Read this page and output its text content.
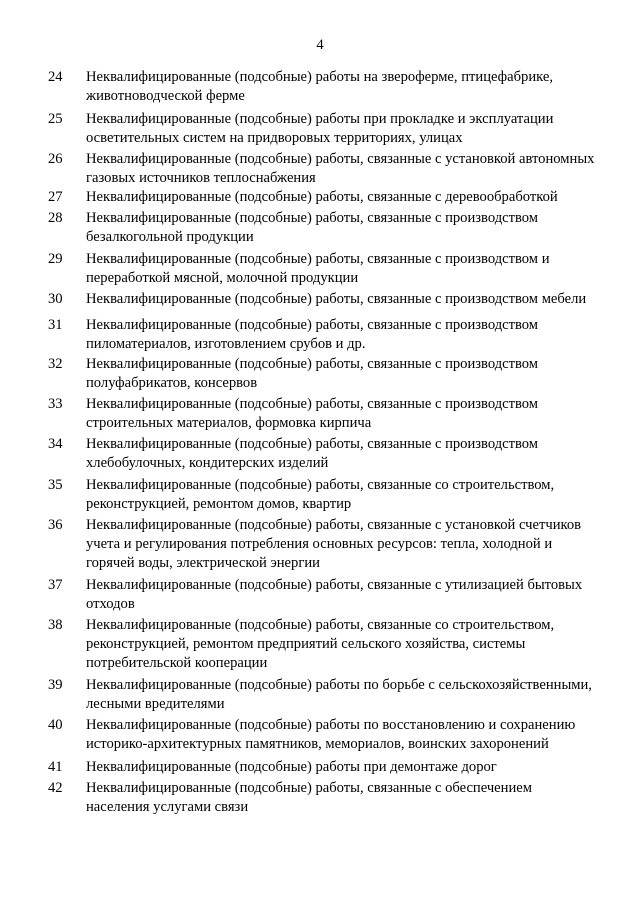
4
24 Неквалифицированные (подсобные) работы на звероферме, птицефабрике,
животноводческой ферме
25 Неквалифицированные (подсобные) работы при прокладке и эксплуатации
осветительных систем на придворовых территориях, улицах
26 Неквалифицированные (подсобные) работы, связанные с установкой автономных
газовых источников теплоснабжения
27 Неквалифицированные (подсобные) работы, связанные с деревообработкой
28 Неквалифицированные (подсобные) работы, связанные с производством
безалкогольной продукции
29 Неквалифицированные (подсобные) работы, связанные с производством и
переработкой мясной, молочной продукции
30 Неквалифицированные (подсобные) работы, связанные с производством мебели
31 Неквалифицированные (подсобные) работы, связанные с производством
пиломатериалов, изготовлением срубов и др.
32 Неквалифицированные (подсобные) работы, связанные с производством
полуфабрикатов, консервов
33 Неквалифицированные (подсобные) работы, связанные с производством
строительных материалов, формовка кирпича
34 Неквалифицированные (подсобные) работы, связанные с производством
хлебобулочных, кондитерских изделий
35 Неквалифицированные (подсобные) работы, связанные со строительством,
реконструкцией, ремонтом домов, квартир
36 Неквалифицированные (подсобные) работы, связанные с установкой счетчиков
учета и регулирования потребления основных ресурсов: тепла, холодной и
горячей воды, электрической энергии
37 Неквалифицированные (подсобные) работы, связанные с утилизацией бытовых
отходов
38 Неквалифицированные (подсобные) работы, связанные со строительством,
реконструкцией, ремонтом предприятий сельского хозяйства, системы
потребительской кооперации
39 Неквалифицированные (подсобные) работы по борьбе с сельскохозяйственными,
лесными вредителями
40 Неквалифицированные (подсобные) работы по восстановлению и сохранению
историко-архитектурных памятников, мемориалов, воинских захоронений
41 Неквалифицированные (подсобные) работы при демонтаже дорог
42 Неквалифицированные (подсобные) работы, связанные с обеспечением
населения услугами связи
